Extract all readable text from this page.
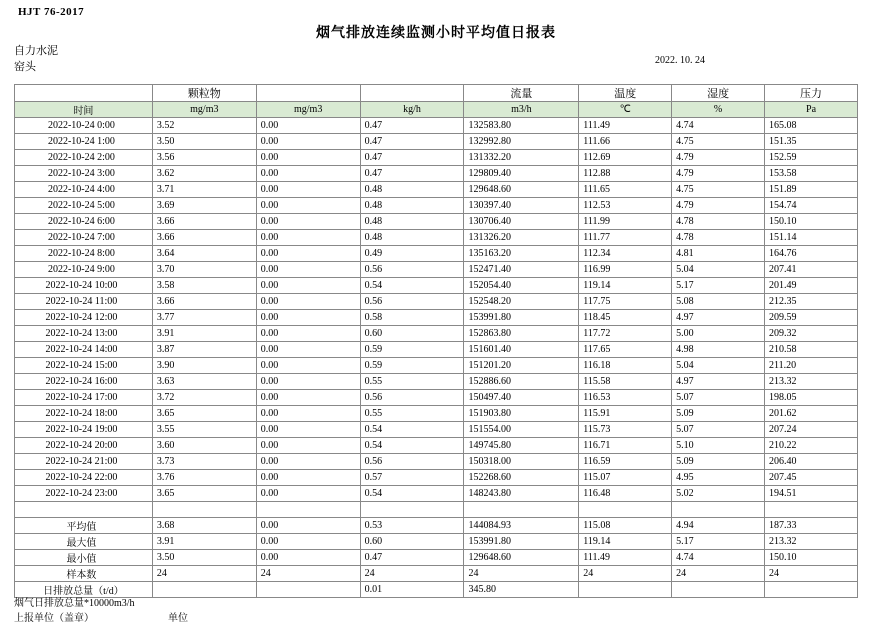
HJT 76-2017
烟气排放连续监测小时平均值日报表
自力水泥
窑头
2022. 10. 24
	颗粒物			流量	温度	湿度	压力
时间	mg/m3	mg/m3	kg/h	m3/h	℃	%	Pa
2022-10-24 0:00	3.52	0.00	0.47	132583.80	111.49	4.74	165.08
2022-10-24 1:00	3.50	0.00	0.47	132992.80	111.66	4.75	151.35
2022-10-24 2:00	3.56	0.00	0.47	131332.20	112.69	4.79	152.59
2022-10-24 3:00	3.62	0.00	0.47	129809.40	112.88	4.79	153.58
2022-10-24 4:00	3.71	0.00	0.48	129648.60	111.65	4.75	151.89
2022-10-24 5:00	3.69	0.00	0.48	130397.40	112.53	4.79	154.74
2022-10-24 6:00	3.66	0.00	0.48	130706.40	111.99	4.78	150.10
2022-10-24 7:00	3.66	0.00	0.48	131326.20	111.77	4.78	151.14
2022-10-24 8:00	3.64	0.00	0.49	135163.20	112.34	4.81	164.76
2022-10-24 9:00	3.70	0.00	0.56	152471.40	116.99	5.04	207.41
2022-10-24 10:00	3.58	0.00	0.54	152054.40	119.14	5.17	201.49
2022-10-24 11:00	3.66	0.00	0.56	152548.20	117.75	5.08	212.35
2022-10-24 12:00	3.77	0.00	0.58	153991.80	118.45	4.97	209.59
2022-10-24 13:00	3.91	0.00	0.60	152863.80	117.72	5.00	209.32
2022-10-24 14:00	3.87	0.00	0.59	151601.40	117.65	4.98	210.58
2022-10-24 15:00	3.90	0.00	0.59	151201.20	116.18	5.04	211.20
2022-10-24 16:00	3.63	0.00	0.55	152886.60	115.58	4.97	213.32
2022-10-24 17:00	3.72	0.00	0.56	150497.40	116.53	5.07	198.05
2022-10-24 18:00	3.65	0.00	0.55	151903.80	115.91	5.09	201.62
2022-10-24 19:00	3.55	0.00	0.54	151554.00	115.73	5.07	207.24
2022-10-24 20:00	3.60	0.00	0.54	149745.80	116.71	5.10	210.22
2022-10-24 21:00	3.73	0.00	0.56	150318.00	116.59	5.09	206.40
2022-10-24 22:00	3.76	0.00	0.57	152268.60	115.07	4.95	207.45
2022-10-24 23:00	3.65	0.00	0.54	148243.80	116.48	5.02	194.51

平均值	3.68	0.00	0.53	144084.93	115.08	4.94	187.33
最大值	3.91	0.00	0.60	153991.80	119.14	5.17	213.32
最小值	3.50	0.00	0.47	129648.60	111.49	4.74	150.10
样本数	24	24	24	24	24	24	24
日排放总量（t/d）			0.01	345.80			
烟气日排放总量*10000m3/h
上报单位（盖章）	单位
